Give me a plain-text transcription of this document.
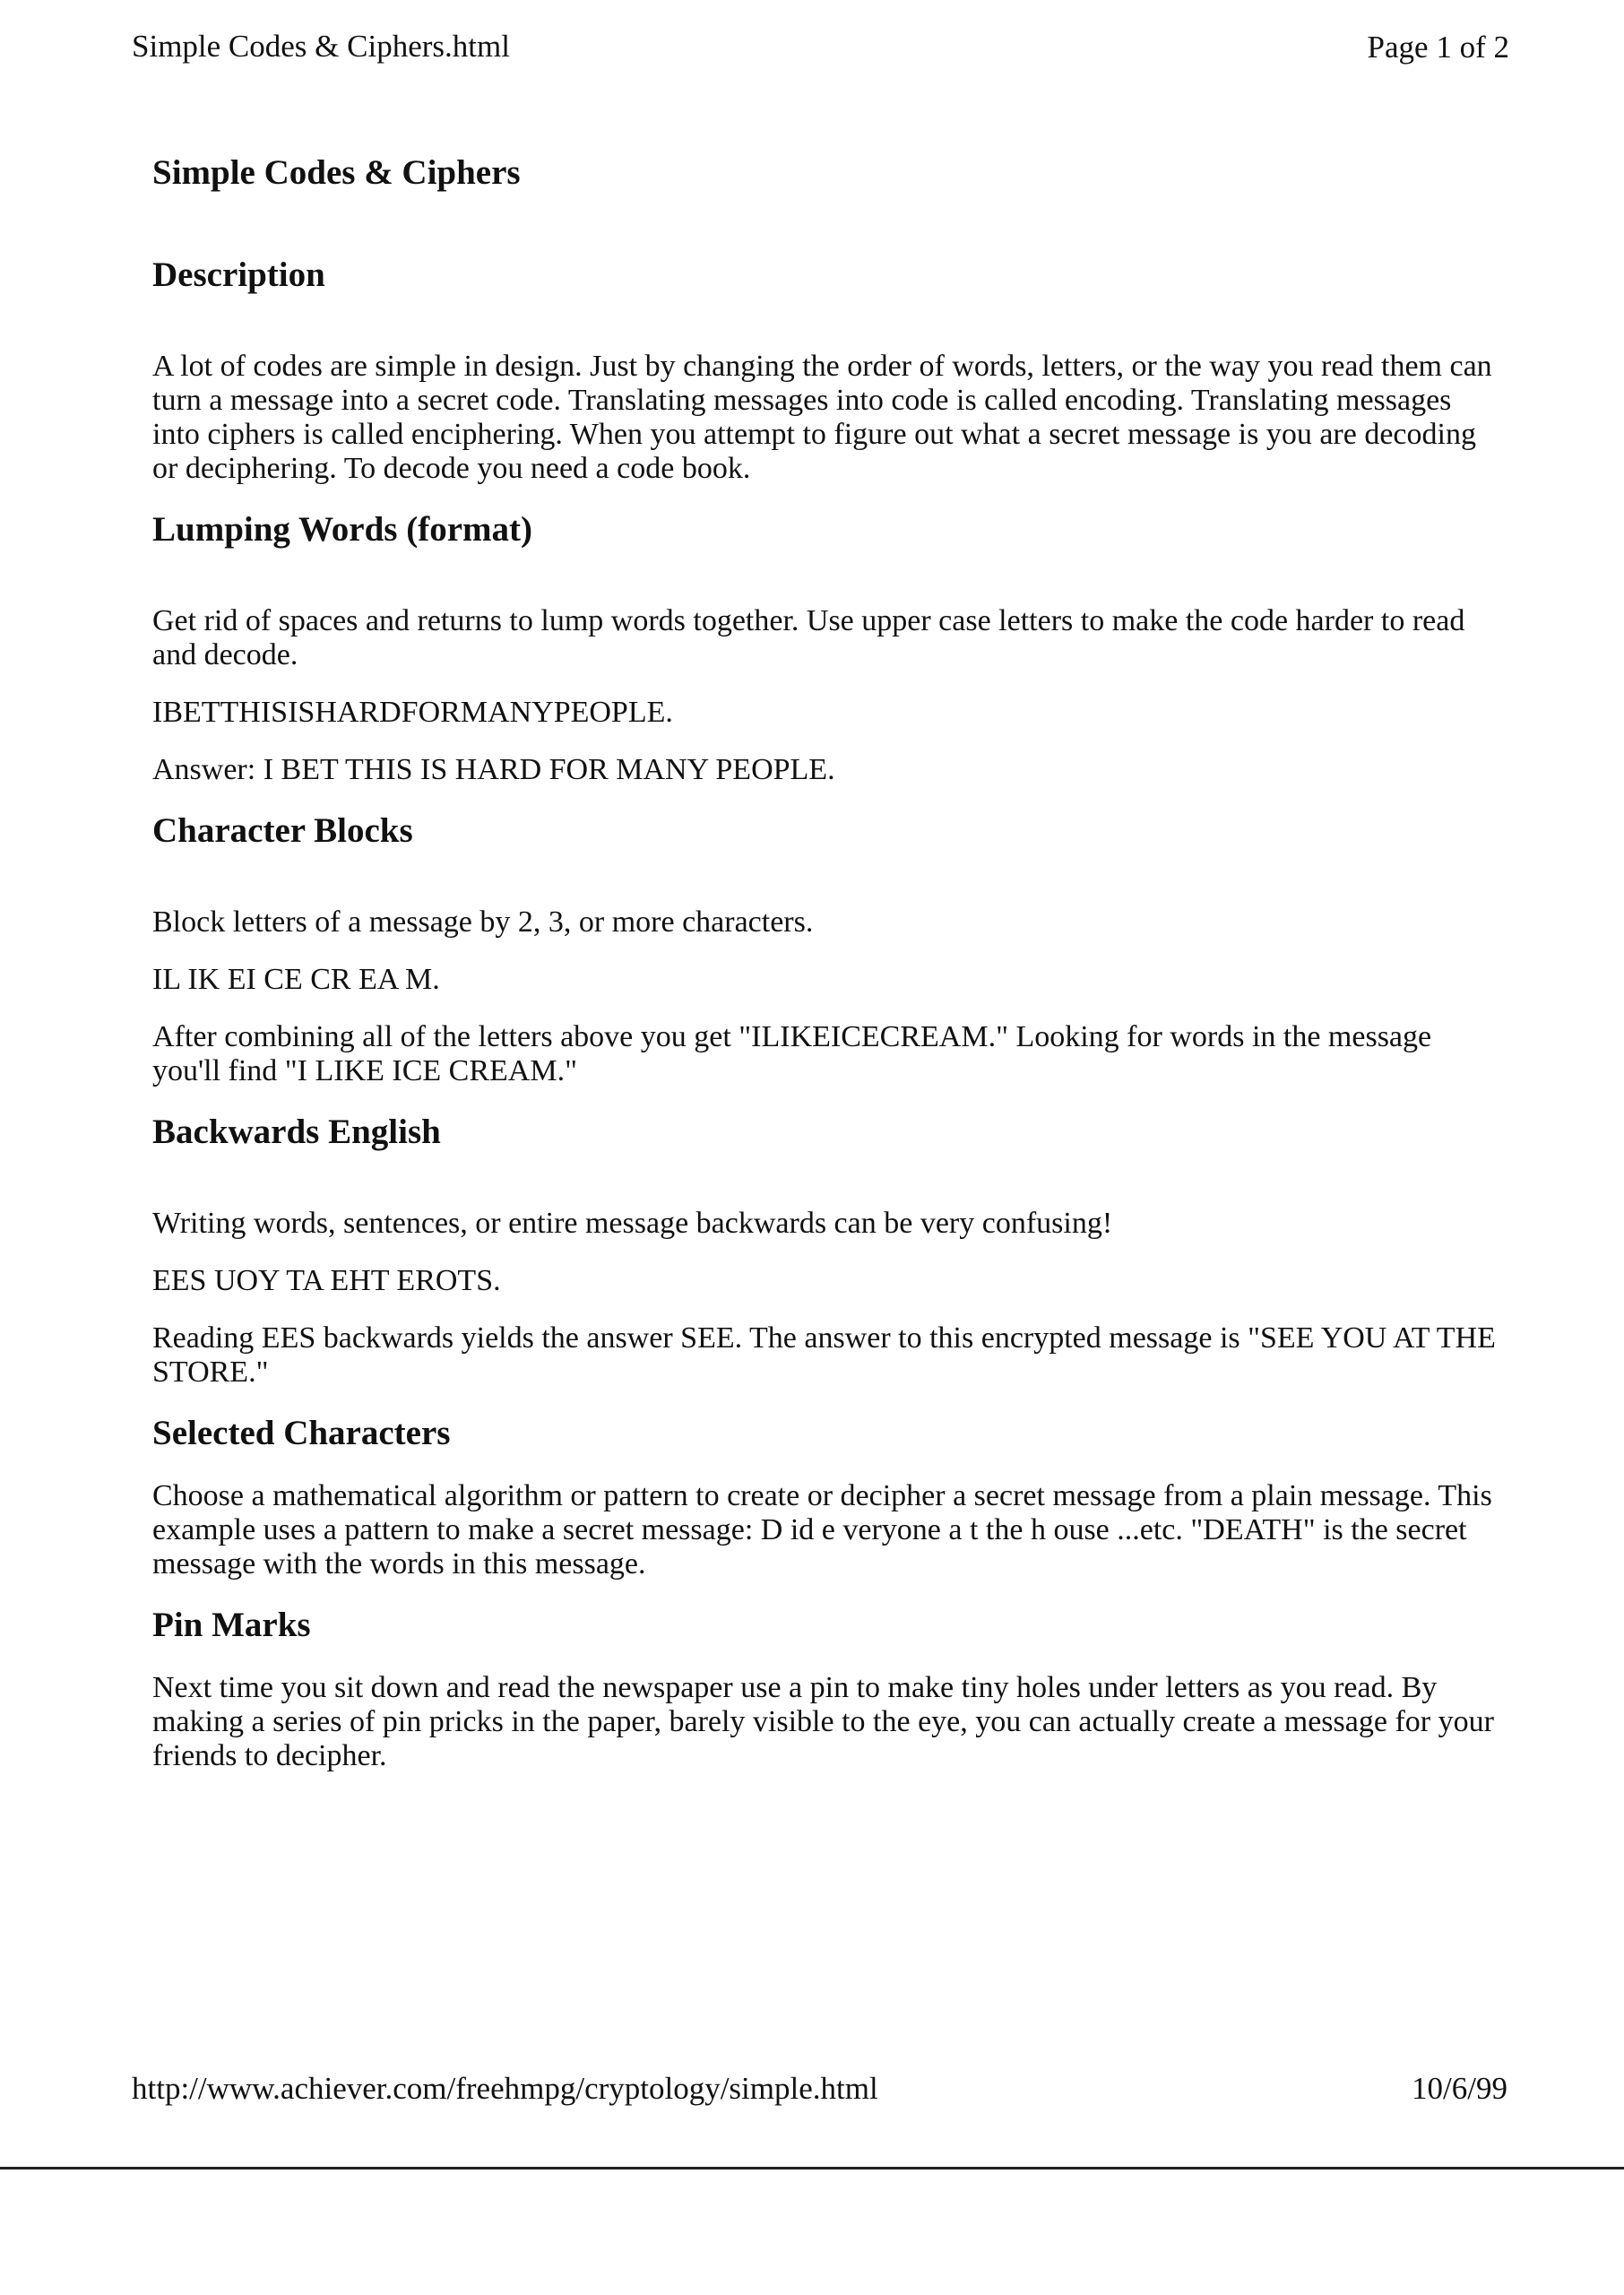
Simple Codes & Ciphers.html	Page 1 of 2
Simple Codes & Ciphers
Description

A lot of codes are simple in design. Just by changing the order of words, letters, or the way you read them can turn a message into a secret code. Translating messages into code is called encoding. Translating messages into ciphers is called enciphering. When you attempt to figure out what a secret message is you are decoding or deciphering. To decode you need a code book.

Lumping Words (format)

Get rid of spaces and returns to lump words together. Use upper case letters to make the code harder to read and decode.

IBETTHISISHARDFORMANYPEOPLE.

Answer: I BET THIS IS HARD FOR MANY PEOPLE.

Character Blocks

Block letters of a message by 2, 3, or more characters.

IL IK EI CE CR EA M.

After combining all of the letters above you get "ILIKEICECREAM." Looking for words in the message you'll find "I LIKE ICE CREAM."

Backwards English

Writing words, sentences, or entire message backwards can be very confusing!

EES UOY TA EHT EROTS.

Reading EES backwards yields the answer SEE. The answer to this encrypted message is "SEE YOU AT THE STORE."

Selected Characters

Choose a mathematical algorithm or pattern to create or decipher a secret message from a plain message. This example uses a pattern to make a secret message: D id e veryone a t the h ouse ...etc. "DEATH" is the secret message with the words in this message.

Pin Marks

Next time you sit down and read the newspaper use a pin to make tiny holes under letters as you read. By making a series of pin pricks in the paper, barely visible to the eye, you can actually create a message for your friends to decipher.

http://www.achiever.com/freehmpg/cryptology/simple.html	10/6/99
